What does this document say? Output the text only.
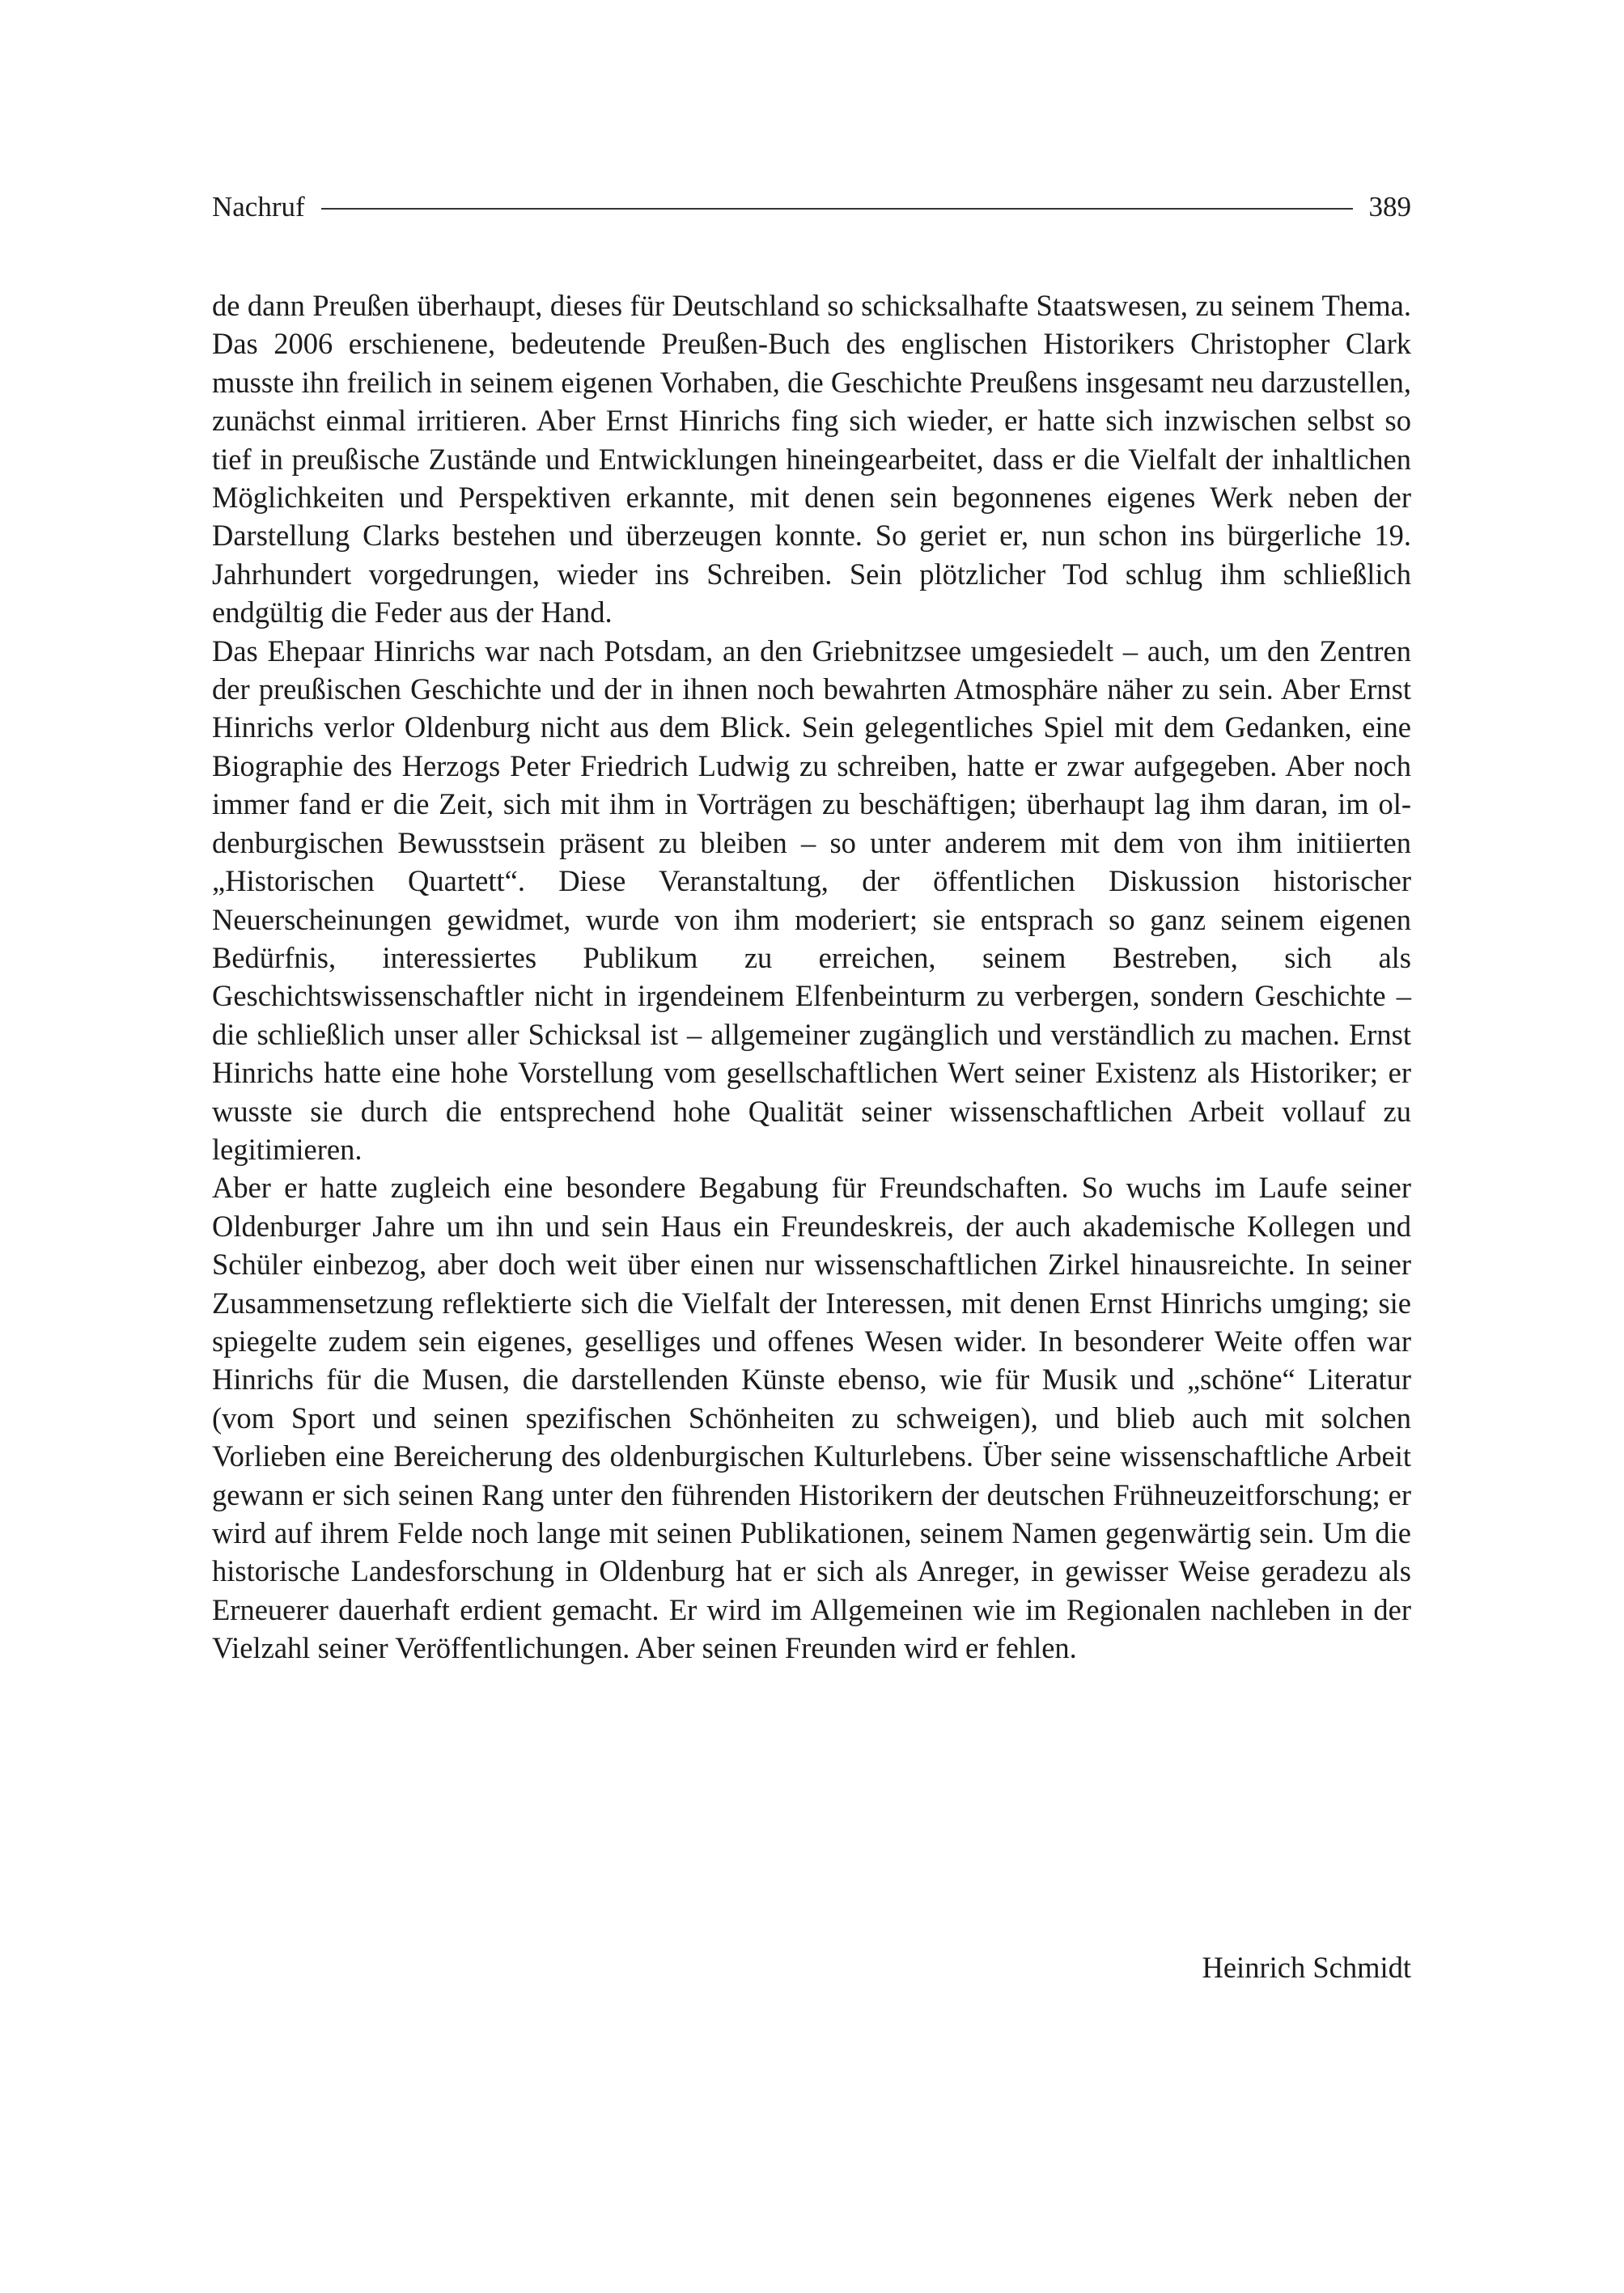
Nachruf	389

de dann Preußen überhaupt, dieses für Deutschland so schicksalhafte Staatswesen, zu seinem Thema. Das 2006 erschienene, bedeutende Preußen-Buch des englischen Historikers Christopher Clark musste ihn freilich in seinem eigenen Vorhaben, die Geschichte Preußens insgesamt neu darzustellen, zunächst einmal irritieren. Aber Ernst Hinrichs fing sich wieder, er hatte sich inzwischen selbst so tief in preußische Zustände und Entwicklungen hineingearbeitet, dass er die Vielfalt der inhaltlichen Möglichkeiten und Perspektiven erkannte, mit denen sein begonnenes eigenes Werk neben der Darstellung Clarks bestehen und überzeugen konnte. So geriet er, nun schon ins bürgerliche 19. Jahrhundert vorgedrungen, wieder ins Schreiben. Sein plötzlicher Tod schlug ihm schließlich endgültig die Feder aus der Hand.

Das Ehepaar Hinrichs war nach Potsdam, an den Griebnitzsee umgesiedelt – auch, um den Zentren der preußischen Geschichte und der in ihnen noch bewahrten Atmosphäre näher zu sein. Aber Ernst Hinrichs verlor Oldenburg nicht aus dem Blick. Sein gelegentliches Spiel mit dem Gedanken, eine Biographie des Herzogs Peter Friedrich Ludwig zu schreiben, hatte er zwar aufgegeben. Aber noch immer fand er die Zeit, sich mit ihm in Vorträgen zu beschäftigen; überhaupt lag ihm daran, im oldenburgischen Bewusstsein präsent zu bleiben – so unter anderem mit dem von ihm initiierten „Historischen Quartett“. Diese Veranstaltung, der öffentlichen Diskussion historischer Neuerscheinungen gewidmet, wurde von ihm moderiert; sie entsprach so ganz seinem eigenen Bedürfnis, interessiertes Publikum zu erreichen, seinem Bestreben, sich als Geschichtswissenschaftler nicht in irgendeinem Elfenbeinturm zu verbergen, sondern Geschichte – die schließlich unser aller Schicksal ist – allgemeiner zugänglich und verständlich zu machen. Ernst Hinrichs hatte eine hohe Vorstellung vom gesellschaftlichen Wert seiner Existenz als Historiker; er wusste sie durch die entsprechend hohe Qualität seiner wissenschaftlichen Arbeit vollauf zu legitimieren.

Aber er hatte zugleich eine besondere Begabung für Freundschaften. So wuchs im Laufe seiner Oldenburger Jahre um ihn und sein Haus ein Freundeskreis, der auch akademische Kollegen und Schüler einbezog, aber doch weit über einen nur wissenschaftlichen Zirkel hinausreichte. In seiner Zusammensetzung reflektierte sich die Vielfalt der Interessen, mit denen Ernst Hinrichs umging; sie spiegelte zudem sein eigenes, geselliges und offenes Wesen wider. In besonderer Weite offen war Hinrichs für die Musen, die darstellenden Künste ebenso, wie für Musik und „schöne“ Literatur (vom Sport und seinen spezifischen Schönheiten zu schweigen), und blieb auch mit solchen Vorlieben eine Bereicherung des oldenburgischen Kulturlebens. Über seine wissenschaftliche Arbeit gewann er sich seinen Rang unter den führenden Historikern der deutschen Frühneuzeitforschung; er wird auf ihrem Felde noch lange mit seinen Publikationen, seinem Namen gegenwärtig sein. Um die historische Landesforschung in Oldenburg hat er sich als Anreger, in gewisser Weise geradezu als Erneuerer dauerhaft erdient gemacht. Er wird im Allgemeinen wie im Regionalen nachleben in der Vielzahl seiner Veröffentlichungen. Aber seinen Freunden wird er fehlen.

Heinrich Schmidt
